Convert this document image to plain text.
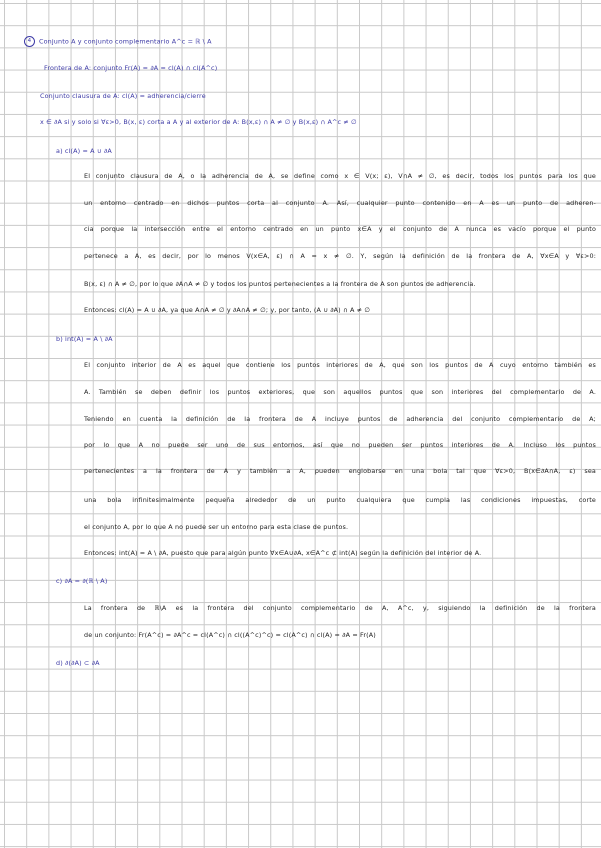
4 Conjunto A y conjunto complementario A^c = ℝ \ A
Frontera de A: conjunto Fr(A) = ∂A = cl(A) ∩ cl(A^c)
Conjunto clausura de A: cl(A) = adherencia/cierre
x ∈ ∂A si y solo si ∀ε>0, B(x, ε) corta a A y al exterior de A: B(x,ε) ∩ A ≠ ∅ y B(x,ε) ∩ A^c ≠ ∅
a) cl(A) = A ∪ ∂A
El conjunto clausura de A, o la adherencia de A, se define como x ∈ V(x; ε), V∩A ≠ ∅, es decir, todos los puntos para los que
un entorno centrado en dichos puntos corta al conjunto A. Así, cualquier punto contenido en A es un punto de adheren-
cia porque la intersección entre el entorno centrado en un punto x∈A y el conjunto de A nunca es vacío porque el punto
pertenece a A, es decir, por lo menos V(x∈A, ε) ∩ A = x ≠ ∅. Y, según la definición de la frontera de A, ∀x∈A y ∀ε>0:
B(x, ε) ∩ A ≠ ∅, por lo que ∂A∩A ≠ ∅ y todos los puntos pertenecientes a la frontera de A son puntos de adherencia.
Entonces: cl(A) = A ∪ ∂A, ya que A∩A ≠ ∅ y ∂A∩A ≠ ∅; y, por tanto, (A ∪ ∂A) ∩ A ≠ ∅
b) int(A) = A \ ∂A
El conjunto interior de A es aquel que contiene los puntos interiores de A, que son los puntos de A cuyo entorno también es
A. También se deben definir los puntos exteriores, que son aquellos puntos que son interiores del complementario de A.
Teniendo en cuenta la definición de la frontera de A incluye puntos de adherencia del conjunto complementario de A;
por lo que A no puede ser uno de sus entornos, así que no pueden ser puntos interiores de A. Incluso los puntos
pertenecientes a la frontera de A y también a A, pueden englobarse en una bola tal que ∀ε>0, B(x∈∂A∩A, ε) sea
una bola infinitesimalmente pequeña alrededor de un punto cualquiera que cumpla las condiciones impuestas, corte
el conjunto A, por lo que A no puede ser un entorno para esta clase de puntos.
Entonces: int(A) = A \ ∂A, puesto que para algún punto ∀x∈A∪∂A, x∈A^c ⊄ int(A) según la definición del interior de A.
c) ∂A = ∂(ℝ \ A)
La frontera de ℝ\A es la frontera del conjunto complementario de A, A^c, y, siguiendo la definición de la frontera
de un conjunto: Fr(A^c) = ∂A^c = cl(A^c) ∩ cl((A^c)^c) = cl(A^c) ∩ cl(A) = ∂A = Fr(A)
d) ∂(∂A) ⊂ ∂A
